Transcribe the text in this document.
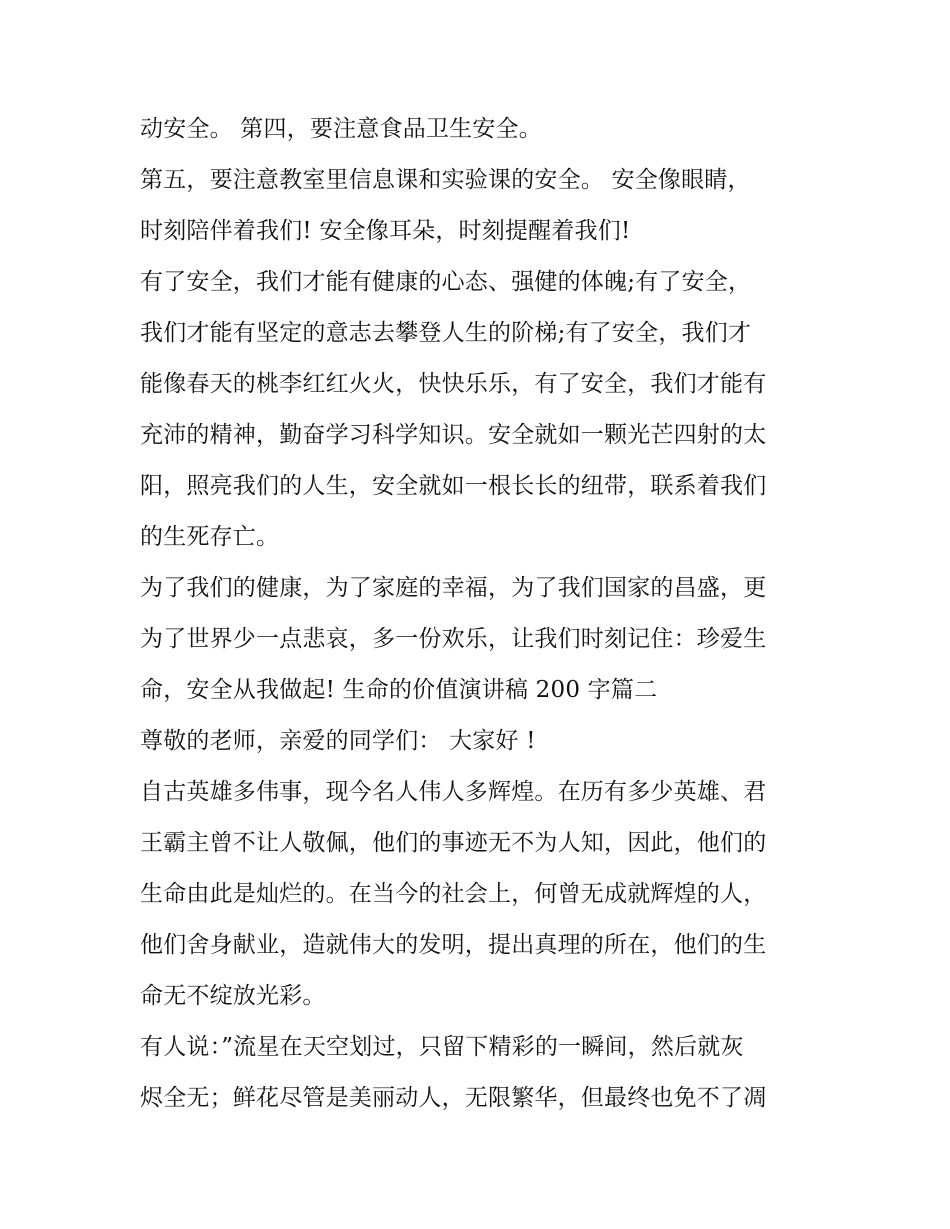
动安全。 第四，要注意食品卫生安全。
第五，要注意教室里信息课和实验课的安全。 安全像眼睛，
时刻陪伴着我们! 安全像耳朵，时刻提醒着我们!
有了安全，我们才能有健康的心态、强健的体魄;有了安全，
我们才能有坚定的意志去攀登人生的阶梯;有了安全，我们才
能像春天的桃李红红火火，快快乐乐，有了安全，我们才能有
充沛的精神，勤奋学习科学知识。安全就如一颗光芒四射的太
阳，照亮我们的人生，安全就如一根长长的纽带，联系着我们
的生死存亡。
为了我们的健康，为了家庭的幸福，为了我们国家的昌盛，更
为了世界少一点悲哀，多一份欢乐，让我们时刻记住：珍爱生
命，安全从我做起! 生命的价值演讲稿 200 字篇二
尊敬的老师，亲爱的同学们： 大家好 !
自古英雄多伟事，现今名人伟人多辉煌。在历有多少英雄、君
王霸主曾不让人敬佩，他们的事迹无不为人知，因此，他们的
生命由此是灿烂的。在当今的社会上，何曾无成就辉煌的人，
他们舍身献业，造就伟大的发明，提出真理的所在，他们的生
命无不绽放光彩。
有人说：”流星在天空划过，只留下精彩的一瞬间，然后就灰
烬全无；鲜花尽管是美丽动人，无限繁华，但最终也免不了凋
